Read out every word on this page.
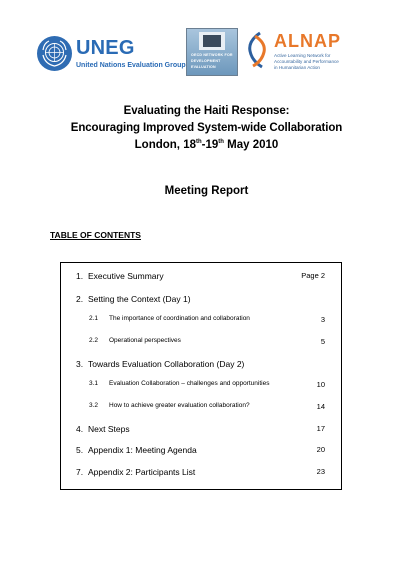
UNEG
United Nations Evaluation Group
OECD NETWORK FOR
DEVELOPMENT
EVALUATION
ALNAP
Active Learning Network for
Accountability and Performance
in Humanitarian Action
Evaluating the Haiti Response:
Encouraging Improved System-wide Collaboration
London, 18th-19th May 2010
Meeting Report
TABLE OF CONTENTS
1. Executive Summary	Page 2
2. Setting the Context (Day 1)
2.1 The importance of coordination and collaboration	3
2.2 Operational perspectives	5
3. Towards Evaluation Collaboration (Day 2)
3.1 Evaluation Collaboration – challenges and opportunities	10
3.2 How to achieve greater evaluation collaboration?	14
4. Next Steps	17
5. Appendix 1: Meeting Agenda	20
7. Appendix 2: Participants List	23
